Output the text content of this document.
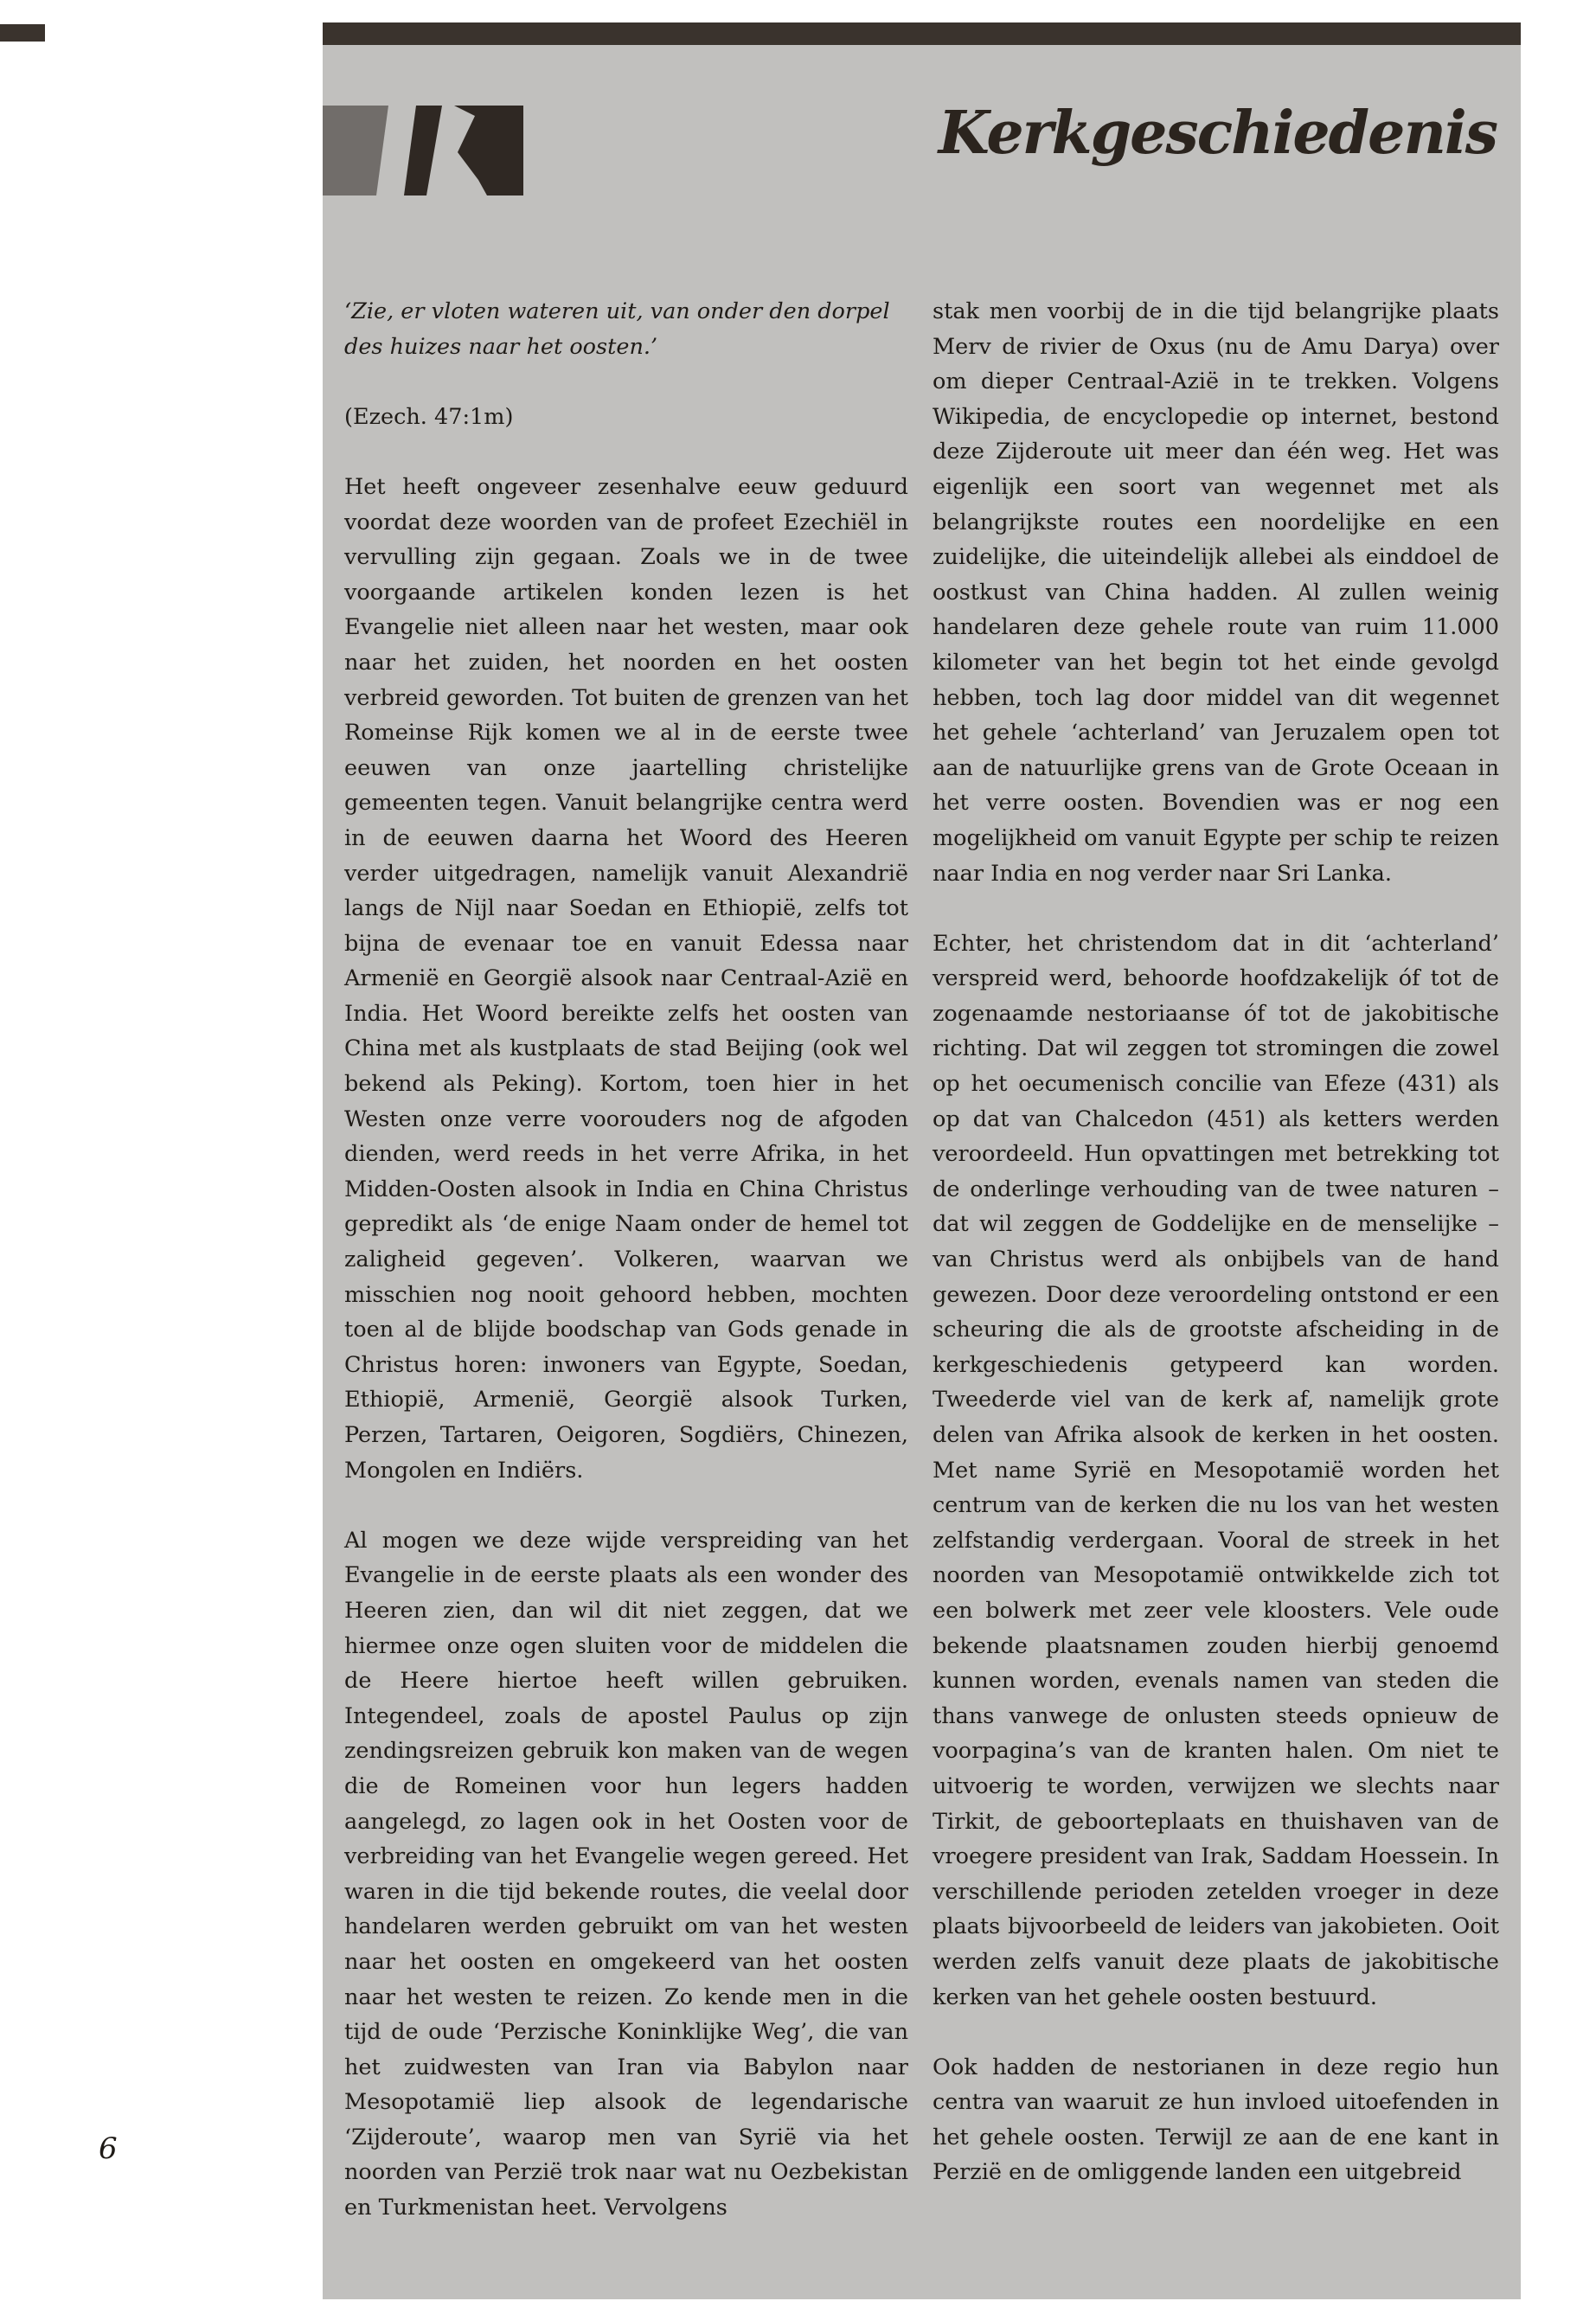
Kerkgeschiedenis

‘Zie, er vloten wateren uit, van onder den dorpel des huizes naar het oosten.’

(Ezech. 47:1m)

Het heeft ongeveer zesenhalve eeuw geduurd voordat deze woorden van de profeet Ezechiël in vervulling zijn gegaan. Zoals we in de twee voorgaande artikelen konden lezen is het Evangelie niet alleen naar het westen, maar ook naar het zuiden, het noorden en het oosten verbreid geworden. Tot buiten de grenzen van het Romeinse Rijk komen we al in de eerste twee eeuwen van onze jaartelling christelijke gemeenten tegen. Vanuit belangrijke centra werd in de eeuwen daarna het Woord des Heeren verder uitgedragen, namelijk vanuit Alexandrië langs de Nijl naar Soedan en Ethiopië, zelfs tot bijna de evenaar toe en vanuit Edessa naar Armenië en Georgië alsook naar Centraal-Azië en India. Het Woord bereikte zelfs het oosten van China met als kustplaats de stad Beijing (ook wel bekend als Peking). Kortom, toen hier in het Westen onze verre voorouders nog de afgoden dienden, werd reeds in het verre Afrika, in het Midden-Oosten alsook in India en China Christus gepredikt als ‘de enige Naam onder de hemel tot zaligheid gegeven’. Volkeren, waarvan we misschien nog nooit gehoord hebben, mochten toen al de blijde boodschap van Gods genade in Christus horen: inwoners van Egypte, Soedan, Ethiopië, Armenië, Georgië alsook Turken, Perzen, Tartaren, Oeigoren, Sogdiërs, Chinezen, Mongolen en Indiërs.

Al mogen we deze wijde verspreiding van het Evangelie in de eerste plaats als een wonder des Heeren zien, dan wil dit niet zeggen, dat we hiermee onze ogen sluiten voor de middelen die de Heere hiertoe heeft willen gebruiken. Integendeel, zoals de apostel Paulus op zijn zendingsreizen gebruik kon maken van de wegen die de Romeinen voor hun legers hadden aangelegd, zo lagen ook in het Oosten voor de verbreiding van het Evangelie wegen gereed. Het waren in die tijd bekende routes, die veelal door handelaren werden gebruikt om van het westen naar het oosten en omgekeerd van het oosten naar het westen te reizen. Zo kende men in die tijd de oude ‘Perzische Koninklijke Weg’, die van het zuidwesten van Iran via Babylon naar Mesopotamië liep alsook de legendarische ‘Zijderoute’, waarop men van Syrië via het noorden van Perzië trok naar wat nu Oezbekistan en Turkmenistan heet. Vervolgens

stak men voorbij de in die tijd belangrijke plaats Merv de rivier de Oxus (nu de Amu Darya) over om dieper Centraal-Azië in te trekken. Volgens Wikipedia, de encyclopedie op internet, bestond deze Zijderoute uit meer dan één weg. Het was eigenlijk een soort van wegennet met als belangrijkste routes een noordelijke en een zuidelijke, die uiteindelijk allebei als einddoel de oostkust van China hadden. Al zullen weinig handelaren deze gehele route van ruim 11.000 kilometer van het begin tot het einde gevolgd hebben, toch lag door middel van dit wegennet het gehele ‘achterland’ van Jeruzalem open tot aan de natuurlijke grens van de Grote Oceaan in het verre oosten. Bovendien was er nog een mogelijkheid om vanuit Egypte per schip te reizen naar India en nog verder naar Sri Lanka.

Echter, het christendom dat in dit ‘achterland’ verspreid werd, behoorde hoofdzakelijk óf tot de zogenaamde nestoriaanse óf tot de jakobitische richting. Dat wil zeggen tot stromingen die zowel op het oecumenisch concilie van Efeze (431) als op dat van Chalcedon (451) als ketters werden veroordeeld. Hun opvattingen met betrekking tot de onderlinge verhouding van de twee naturen – dat wil zeggen de Goddelijke en de menselijke – van Christus werd als onbijbels van de hand gewezen. Door deze veroordeling ontstond er een scheuring die als de grootste afscheiding in de kerkgeschiedenis getypeerd kan worden. Tweederde viel van de kerk af, namelijk grote delen van Afrika alsook de kerken in het oosten. Met name Syrië en Mesopotamië worden het centrum van de kerken die nu los van het westen zelfstandig verdergaan. Vooral de streek in het noorden van Mesopotamië ontwikkelde zich tot een bolwerk met zeer vele kloosters. Vele oude bekende plaatsnamen zouden hierbij genoemd kunnen worden, evenals namen van steden die thans vanwege de onlusten steeds opnieuw de voorpagina’s van de kranten halen. Om niet te uitvoerig te worden, verwijzen we slechts naar Tirkit, de geboorteplaats en thuishaven van de vroegere president van Irak, Saddam Hoessein. In verschillende perioden zetelden vroeger in deze plaats bijvoorbeeld de leiders van jakobieten. Ooit werden zelfs vanuit deze plaats de jakobitische kerken van het gehele oosten bestuurd.

Ook hadden de nestorianen in deze regio hun centra van waaruit ze hun invloed uitoefenden in het gehele oosten. Terwijl ze aan de ene kant in Perzië en de omliggende landen een uitgebreid

6
